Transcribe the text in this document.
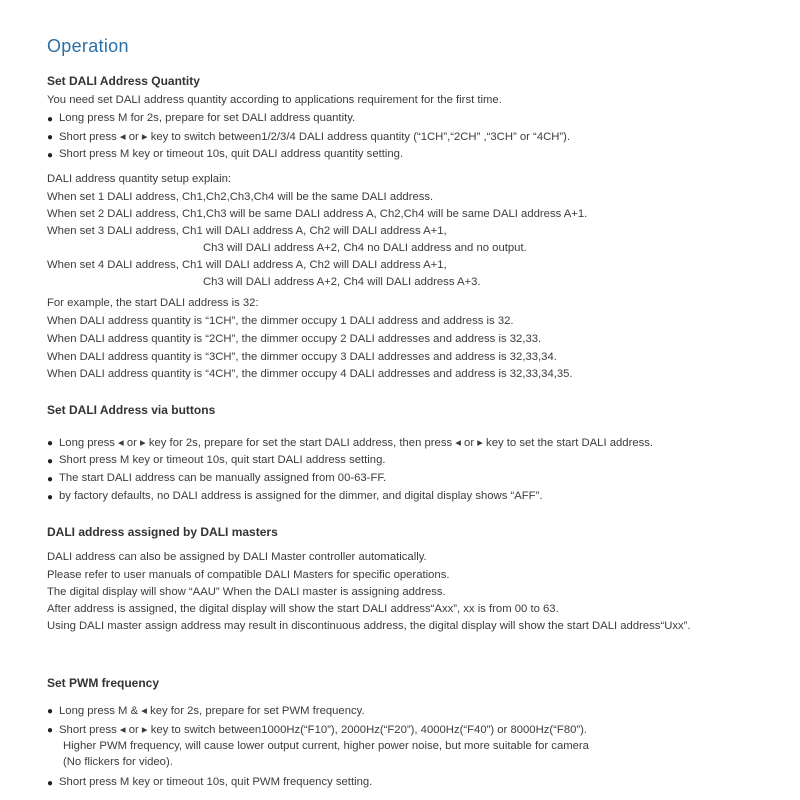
Operation
Set DALI Address Quantity

You need set DALI address quantity according to applications requirement for the first time.

● Long press M for 2s, prepare for set DALI address quantity.

● Short press ◂ or ▸ key to switch between1/2/3/4 DALI address quantity (“1CH”,“2CH” ,“3CH” or “4CH”).

● Short press M key or timeout 10s, quit DALI address quantity setting.

DALI address quantity setup explain:

When set 1 DALI address, Ch1,Ch2,Ch3,Ch4 will be the same DALI address.

When set 2 DALI address, Ch1,Ch3 will be same DALI address A, Ch2,Ch4 will be same DALI address A+1.

When set 3 DALI address, Ch1 will DALI address A, Ch2 will DALI address A+1,

Ch3 will DALI address A+2, Ch4 no DALI address and no output.

When set 4 DALI address, Ch1 will DALI address A, Ch2 will DALI address A+1,

Ch3 will DALI address A+2, Ch4 will DALI address A+3.

For example, the start DALI address is 32:

When DALI address quantity is “1CH”, the dimmer occupy 1 DALI address and address is 32.

When DALI address quantity is “2CH”, the dimmer occupy 2 DALI addresses and address is 32,33.

When DALI address quantity is “3CH”, the dimmer occupy 3 DALI addresses and address is 32,33,34.

When DALI address quantity is “4CH”, the dimmer occupy 4 DALI addresses and address is 32,33,34,35.

Set DALI Address via buttons
● Long press ◂ or ▸ key for 2s, prepare for set the start DALI address, then press ◂ or ▸ key to set the start DALI address.

● Short press M key or timeout 10s, quit start DALI address setting.

● The start DALI address can be manually assigned from 00-63-FF.

● by factory defaults, no DALI address is assigned for the dimmer, and digital display shows “AFF”.

DALI address assigned by DALI masters

DALI address can also be assigned by DALI Master controller automatically.

Please refer to user manuals of compatible DALI Masters for specific operations.

The digital display will show “AAU” When the DALI master is assigning address.

After address is assigned, the digital display will show the start DALI address“Axx”, xx is from 00 to 63.

Using DALI master assign address may result in discontinuous address, the digital display will show the start DALI address“Uxx”.

Set PWM frequency
● Long press M & ◂ key for 2s, prepare for set PWM frequency.

● Short press ◂ or ▸ key to switch between1000Hz(“F10”), 2000Hz(“F20”), 4000Hz(“F40”) or 8000Hz(“F80”).

Higher PWM frequency, will cause lower output current, higher power noise, but more suitable for camera

(No flickers for video).

● Short press M key or timeout 10s, quit PWM frequency setting.
